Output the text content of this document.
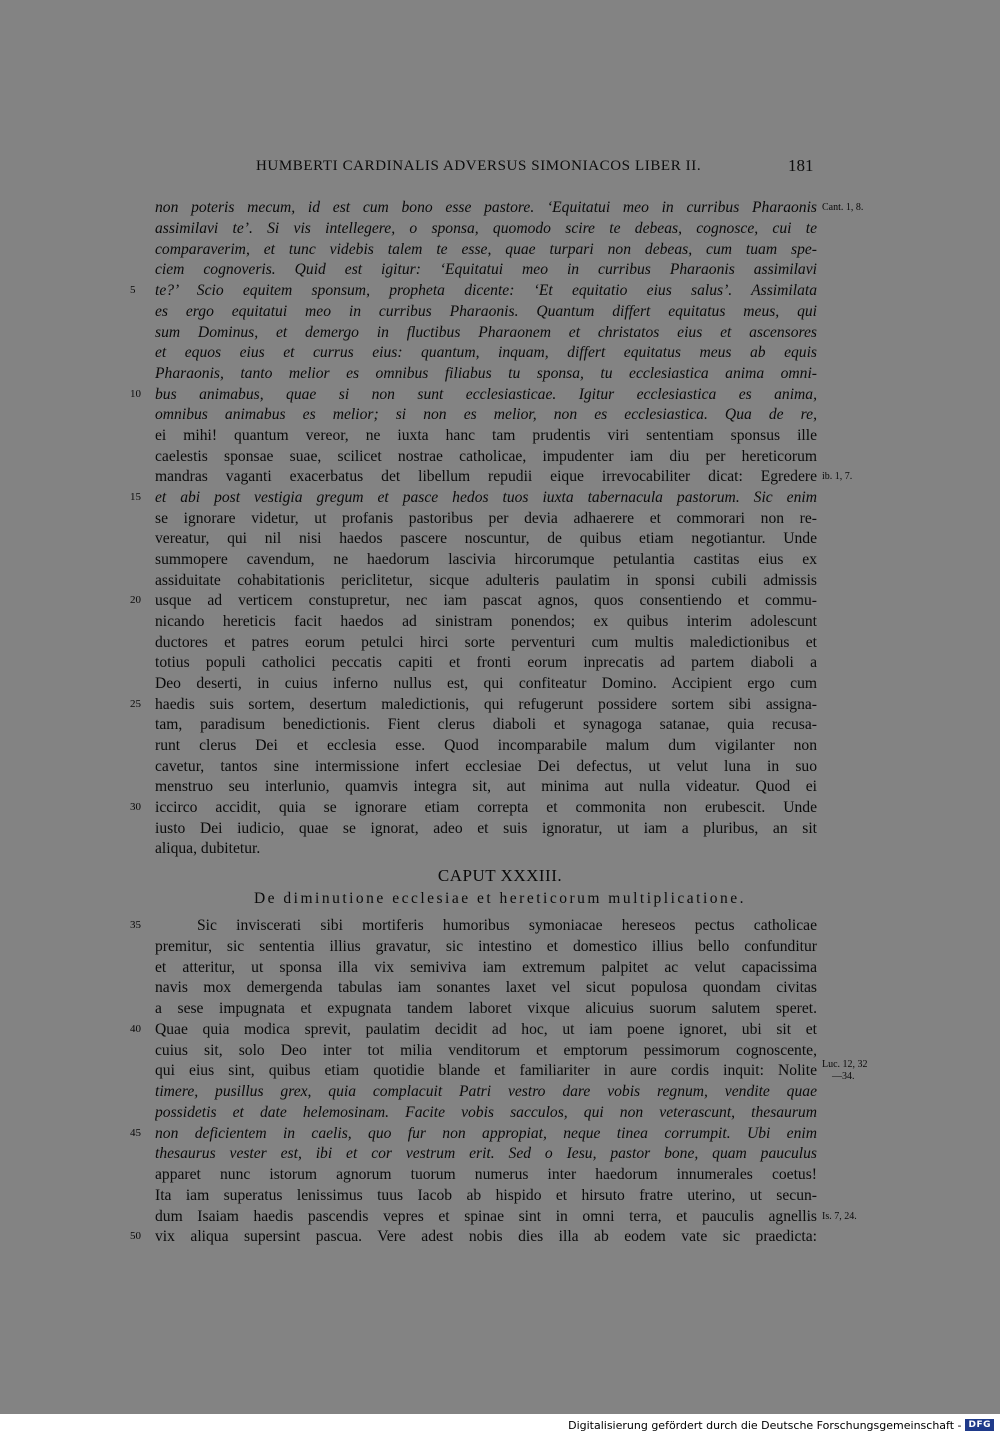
HUMBERTI CARDINALIS ADVERSUS SIMONIACOS LIBER II.	181
non poteris mecum, id est cum bono esse pastore. ‘Equitatui meo in curribus Pharaonis
assimilavi te’. Si vis intellegere, o sponsa, quomodo scire te debeas, cognosce, cui te
comparaverim, et tunc videbis talem te esse, quae turpari non debeas, cum tuam spe-
ciem cognoveris. Quid est igitur: ‘Equitatui meo in curribus Pharaonis assimilavi
te?’ Scio equitem sponsum, propheta dicente: ‘Et equitatio eius salus’. Assimilata
es ergo equitatui meo in curribus Pharaonis. Quantum differt equitatus meus, qui
sum Dominus, et demergo in fluctibus Pharaonem et christatos eius et ascensores
et equos eius et currus eius: quantum, inquam, differt equitatus meus ab equis
Pharaonis, tanto melior es omnibus filiabus tu sponsa, tu ecclesiastica anima omni-
bus animabus, quae si non sunt ecclesiasticae. Igitur ecclesiastica es anima,
omnibus animabus es melior; si non es melior, non es ecclesiastica. Qua de re,
ei mihi! quantum vereor, ne iuxta hanc tam prudentis viri sententiam sponsus ille
caelestis sponsae suae, scilicet nostrae catholicae, impudenter iam diu per hereticorum
mandras vaganti exacerbatus det libellum repudii eique irrevocabiliter dicat: Egredere
et abi post vestigia gregum et pasce hedos tuos iuxta tabernacula pastorum. Sic enim
se ignorare videtur, ut profanis pastoribus per devia adhaerere et commorari non re-
vereatur, qui nil nisi haedos pascere noscuntur, de quibus etiam negotiantur. Unde
summopere cavendum, ne haedorum lascivia hircorumque petulantia castitas eius ex
assiduitate cohabitationis periclitetur, sicque adulteris paulatim in sponsi cubili admissis
usque ad verticem constupretur, nec iam pascat agnos, quos consentiendo et commu-
nicando hereticis facit haedos ad sinistram ponendos; ex quibus interim adolescunt
ductores et patres eorum petulci hirci sorte perventuri cum multis maledictionibus et
totius populi catholici peccatis capiti et fronti eorum inprecatis ad partem diaboli a
Deo deserti, in cuius inferno nullus est, qui confiteatur Domino. Accipient ergo cum
haedis suis sortem, desertum maledictionis, qui refugerunt possidere sortem sibi assigna-
tam, paradisum benedictionis. Fient clerus diaboli et synagoga satanae, quia recusa-
runt clerus Dei et ecclesia esse. Quod incomparabile malum dum vigilanter non
cavetur, tantos sine intermissione infert ecclesiae Dei defectus, ut velut luna in suo
menstruo seu interlunio, quamvis integra sit, aut minima aut nulla videatur. Quod ei
iccirco accidit, quia se ignorare etiam correpta et commonita non erubescit. Unde
iusto Dei iudicio, quae se ignorat, adeo et suis ignoratur, ut iam a pluribus, an sit
aliqua, dubitetur.
CAPUT XXXIII.
De diminutione ecclesiae et hereticorum multiplicatione.
Sic inviscerati sibi mortiferis humoribus symoniacae hereseos pectus catholicae
premitur, sic sententia illius gravatur, sic intestino et domestico illius bello confunditur
et atteritur, ut sponsa illa vix semiviva iam extremum palpitet ac velut capacissima
navis mox demergenda tabulas iam sonantes laxet vel sicut populosa quondam civitas
a sese impugnata et expugnata tandem laboret vixque alicuius suorum salutem speret.
Quae quia modica sprevit, paulatim decidit ad hoc, ut iam poene ignoret, ubi sit et
cuius sit, solo Deo inter tot milia venditorum et emptorum pessimorum cognoscente,
qui eius sint, quibus etiam quotidie blande et familiariter in aure cordis inquit: Nolite
timere, pusillus grex, quia complacuit Patri vestro dare vobis regnum, vendite quae
possidetis et date helemosinam. Facite vobis sacculos, qui non veterascunt, thesaurum
non deficientem in caelis, quo fur non appropiat, neque tinea corrumpit. Ubi enim
thesaurus vester est, ibi et cor vestrum erit. Sed o Iesu, pastor bone, quam pauculus
apparet nunc istorum agnorum tuorum numerus inter haedorum innumerales coetus!
Ita iam superatus lenissimus tuus Iacob ab hispido et hirsuto fratre uterino, ut secun-
dum Isaiam haedis pascendis vepres et spinae sint in omni terra, et pauculis agnellis
vix aliqua supersint pascua. Vere adest nobis dies illa ab eodem vate sic praedicta:
5
10
15
20
25
30
35
40
45
50
Cant. 1, 8.
ib. 1, 7.
Luc. 12, 32
—34.
Is. 7, 24.
Digitalisierung gefördert durch die Deutsche Forschungsgemeinschaft - DFG
